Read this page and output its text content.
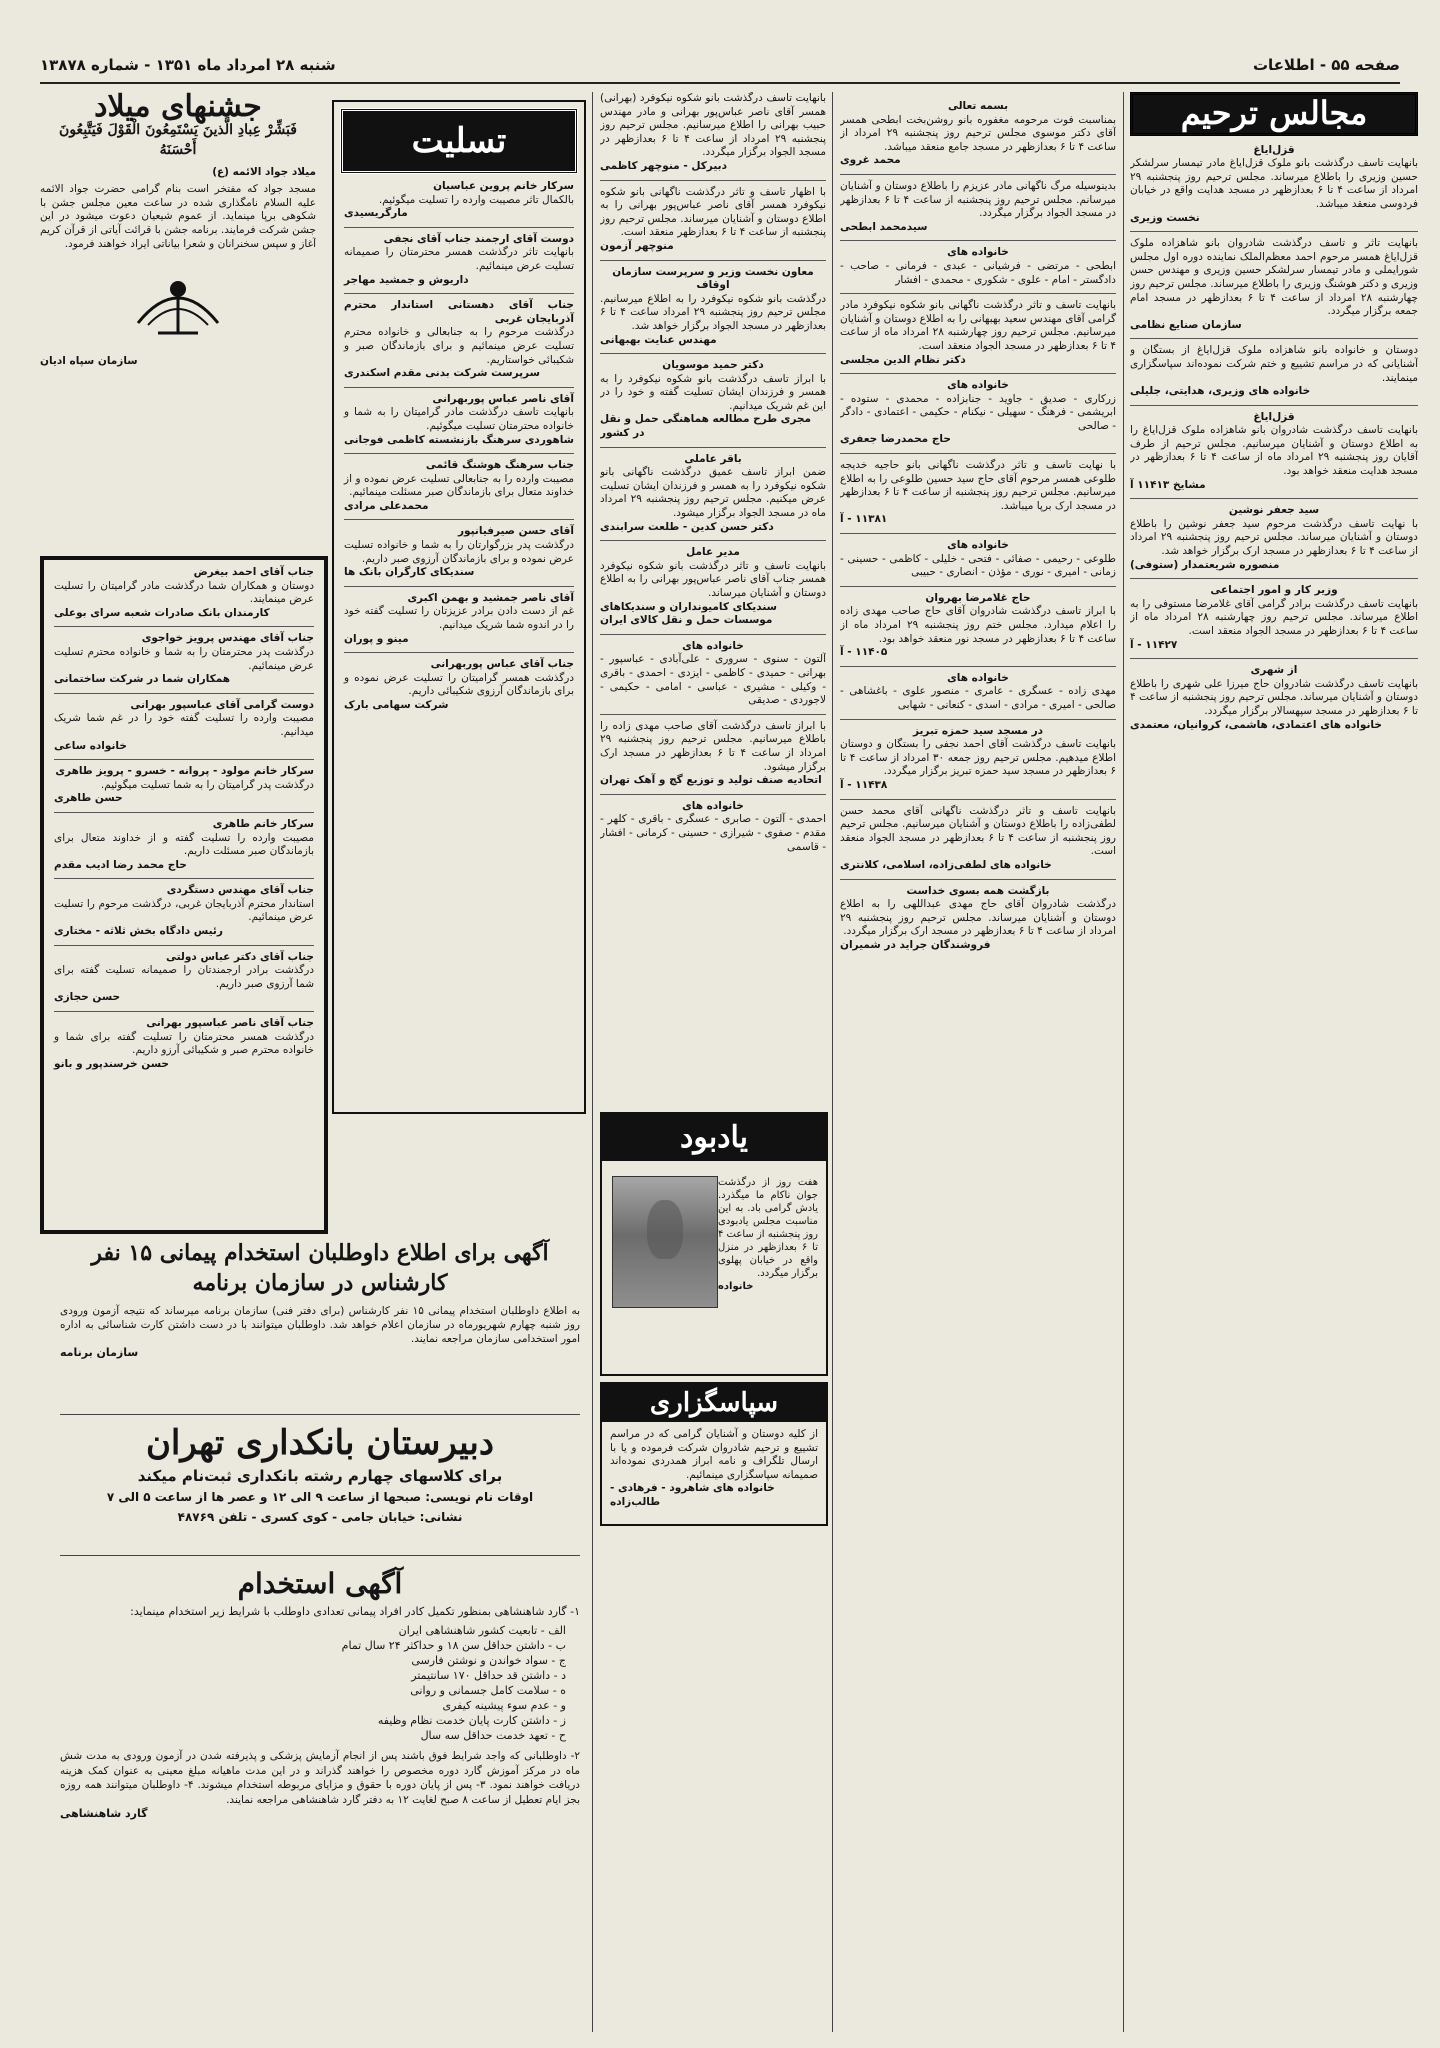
صفحه ۵۵ - اطلاعات
شنبه ۲۸ امرداد ماه ۱۳۵۱ - شماره ۱۳۸۷۸
مجالس ترحیم
قزل‌ایاغ
بانهایت تاسف درگذشت بانو ملوک قزل‌ایاغ مادر تیمسار سرلشکر حسین وزیری را باطلاع میرساند. مجلس ترحیم روز پنجشنبه ۲۹ امرداد از ساعت ۴ تا ۶ بعدازظهر در مسجد هدایت واقع در خیابان فردوسی منعقد میباشد.
نخست وزیری
بانهایت تاثر و تاسف درگذشت شادروان بانو شاهزاده ملوک قزل‌ایاغ همسر مرحوم احمد معظم‌الملک نماینده دوره اول مجلس شورایملی و مادر تیمسار سرلشکر حسین وزیری و مهندس حسن وزیری و دکتر هوشنگ وزیری را باطلاع میرساند. مجلس ترحیم روز چهارشنبه ۲۸ امرداد از ساعت ۴ تا ۶ بعدازظهر در مسجد امام جمعه برگزار میگردد.
سازمان صنایع نظامی
دوستان و خانواده بانو شاهزاده ملوک قزل‌ایاغ از بستگان و آشنایانی که در مراسم تشییع و ختم شرکت نموده‌اند سپاسگزاری مینمایند.
خانواده های وزیری، هدایتی، جلیلی
قزل‌ایاغ
بانهایت تاسف درگذشت شادروان بانو شاهزاده ملوک قزل‌ایاغ را به اطلاع دوستان و آشنایان میرسانیم. مجلس ترحیم از طرف آقایان روز پنجشنبه ۲۹ امرداد ماه از ساعت ۴ تا ۶ بعدازظهر در مسجد هدایت منعقد خواهد بود.
مشایخ ۱۱۴۱۳ آ
سید جعفر نوشین
با نهایت تاسف درگذشت مرحوم سید جعفر نوشین را باطلاع دوستان و آشنایان میرساند. مجلس ترحیم روز پنجشنبه ۲۹ امرداد از ساعت ۴ تا ۶ بعدازظهر در مسجد ارک برگزار خواهد شد.
منصوره شریعتمدار (ستوفی)
وزیر کار و امور اجتماعی
بانهایت تاسف درگذشت برادر گرامی آقای غلامرضا مستوفی را به اطلاع میرساند. مجلس ترحیم روز چهارشنبه ۲۸ امرداد ماه از ساعت ۴ تا ۶ بعدازظهر در مسجد الجواد منعقد است.
۱۱۴۲۷ - آ
از شهری
بانهایت تاسف درگذشت شادروان حاج میرزا علی شهری را باطلاع دوستان و آشنایان میرساند. مجلس ترحیم روز پنجشنبه از ساعت ۴ تا ۶ بعدازظهر در مسجد سپهسالار برگزار میگردد.
خانواده های اعتمادی، هاشمی، کروانیان، معتمدی
بسمه تعالی
بمناسبت فوت مرحومه مغفوره بانو روشن‌بخت ابطحی همسر آقای دکتر موسوی مجلس ترحیم روز پنجشنبه ۲۹ امرداد از ساعت ۴ تا ۶ بعدازظهر در مسجد جامع منعقد میباشد.
محمد غروی
بدینوسیله مرگ ناگهانی مادر عزیزم را باطلاع دوستان و آشنایان میرسانم. مجلس ترحیم روز پنجشنبه از ساعت ۴ تا ۶ بعدازظهر در مسجد الجواد برگزار میگردد.
سیدمحمد ابطحی
خانواده های
ابطحی - مرتضی - فرشیانی - عبدی - فرمانی - صاحب - دادگستر - امام - علوی - شکوری - محمدی - افشار
بانهایت تاسف و تاثر درگذشت ناگهانی بانو شکوه نیکوفرد مادر گرامی آقای مهندس سعید بهبهانی را به اطلاع دوستان و آشنایان میرسانیم. مجلس ترحیم روز چهارشنبه ۲۸ امرداد ماه از ساعت ۴ تا ۶ بعدازظهر در مسجد الجواد منعقد است.
دکتر نظام الدین مجلسی
خانواده های
زرکاری - صدیق - جاوید - جنابزاده - محمدی - ستوده - ابریشمی - فرهنگ - سهیلی - نیکنام - حکیمی - اعتمادی - دادگر - صالحی
حاج محمدرضا جعفری
با نهایت تاسف و تاثر درگذشت ناگهانی بانو حاجیه خدیجه طلوعی همسر مرحوم آقای حاج سید حسین طلوعی را به اطلاع میرسانیم. مجلس ترحیم روز پنجشنبه از ساعت ۴ تا ۶ بعدازظهر در مسجد ارک برپا میباشد.
۱۱۳۸۱ - آ
خانواده های
طلوعی - رحیمی - صفائی - فتحی - خلیلی - کاظمی - حسینی - زمانی - امیری - نوری - مؤذن - انصاری - حبیبی
حاج غلامرضا بهروان
با ابراز تاسف درگذشت شادروان آقای حاج صاحب مهدی زاده را اعلام میدارد. مجلس ختم روز پنجشنبه ۲۹ امرداد ماه از ساعت ۴ تا ۶ بعدازظهر در مسجد نور منعقد خواهد بود.
۱۱۴۰۵ - آ
خانواده های
مهدی زاده - عسگری - عامری - منصور علوی - باغشاهی - صالحی - امیری - مرادی - اسدی - کنعانی - شهابی
در مسجد سید حمزه تبریز
بانهایت تاسف درگذشت آقای احمد نجفی را بستگان و دوستان اطلاع میدهیم. مجلس ترحیم روز جمعه ۳۰ امرداد از ساعت ۴ تا ۶ بعدازظهر در مسجد سید حمزه تبریز برگزار میگردد.
۱۱۴۳۸ - آ
بانهایت تاسف و تاثر درگذشت ناگهانی آقای محمد حسن لطفی‌زاده را باطلاع دوستان و آشنایان میرسانیم. مجلس ترحیم روز پنجشنبه از ساعت ۴ تا ۶ بعدازظهر در مسجد الجواد منعقد است.
خانواده های لطفی‌زاده، اسلامی، کلانتری
بازگشت همه بسوی خداست
درگذشت شادروان آقای حاج مهدی عبداللهی را به اطلاع دوستان و آشنایان میرساند. مجلس ترحیم روز پنجشنبه ۲۹ امرداد از ساعت ۴ تا ۶ بعدازظهر در مسجد ارک برگزار میگردد.
فروشندگان جراید در شمیران
بانهایت تاسف درگذشت بانو شکوه نیکوفرد (بهرانی) همسر آقای ناصر عباس‌پور بهرانی و مادر مهندس حبیب بهرانی را اطلاع میرسانیم. مجلس ترحیم روز پنجشنبه ۲۹ امرداد از ساعت ۴ تا ۶ بعدازظهر در مسجد الجواد برگزار میگردد.
دبیرکل - منوچهر کاظمی
با اظهار تاسف و تاثر درگذشت ناگهانی بانو شکوه نیکوفرد همسر آقای ناصر عباس‌پور بهرانی را به اطلاع دوستان و آشنایان میرساند. مجلس ترحیم روز پنجشنبه از ساعت ۴ تا ۶ بعدازظهر منعقد است.
منوچهر آزمون
معاون نخست وزیر و سرپرست سازمان اوقاف
درگذشت بانو شکوه نیکوفرد را به اطلاع میرسانیم. مجلس ترحیم روز پنجشنبه ۲۹ امرداد ساعت ۴ تا ۶ بعدازظهر در مسجد الجواد برگزار خواهد شد.
مهندس عنایت بهبهانی
دکتر حمید موسویان
با ابراز تاسف درگذشت بانو شکوه نیکوفرد را به همسر و فرزندان ایشان تسلیت گفته و خود را در این غم شریک میدانیم.
مجری طرح مطالعه هماهنگی حمل و نقل در کشور
باقر عاملی
ضمن ابراز تاسف عمیق درگذشت ناگهانی بانو شکوه نیکوفرد را به همسر و فرزندان ایشان تسلیت عرض میکنیم. مجلس ترحیم روز پنجشنبه ۲۹ امرداد ماه در مسجد الجواد برگزار میشود.
دکتر حسن کدین - طلعت سرابندی
مدیر عامل
بانهایت تاسف و تاثر درگذشت بانو شکوه نیکوفرد همسر جناب آقای ناصر عباس‌پور بهرانی را به اطلاع دوستان و آشنایان میرساند.
سندیکای کامیونداران و سندیکاهای موسسات حمل و نقل کالای ایران
خانواده های
آلتون - سنوی - سروری - علی‌آبادی - عباسپور - بهرانی - حمیدی - کاظمی - ایزدی - احمدی - باقری - وکیلی - مشیری - عباسی - امامی - حکیمی - لاجوردی - صدیقی
با ابراز تاسف درگذشت آقای صاحب مهدی زاده را باطلاع میرسانیم. مجلس ترحیم روز پنجشنبه ۲۹ امرداد از ساعت ۴ تا ۶ بعدازظهر در مسجد ارک برگزار میشود.
اتحادیه صنف تولید و توزیع گچ و آهک تهران
خانواده های
احمدی - آلتون - صابری - عسگری - باقری - کلهر - مقدم - صفوی - شیرازی - حسینی - کرمانی - افشار - قاسمی
یادبود
هفت روز از درگذشت جوان ناکام ما میگذرد. یادش گرامی باد. به این مناسبت مجلس یادبودی روز پنجشنبه از ساعت ۴ تا ۶ بعدازظهر در منزل واقع در خیابان پهلوی برگزار میگردد.
خانواده
سپاسگزاری
از کلیه دوستان و آشنایان گرامی که در مراسم تشییع و ترحیم شادروان شرکت فرموده و یا با ارسال تلگراف و نامه ابراز همدردی نموده‌اند صمیمانه سپاسگزاری مینمائیم.
خانواده های شاهرود - فرهادی - طالب‌زاده
تسلیت
سرکار خانم پروین عباسیان
بالکمال تاثر مصیبت وارده را تسلیت میگوئیم.
مارگریسیدی
دوست آقای ارجمند جناب آقای نجفی
بانهایت تاثر درگذشت همسر محترمتان را صمیمانه تسلیت عرض مینمائیم.
داریوش و جمشید مهاجر
جناب آقای دهستانی استاندار محترم آذربایجان غربی
درگذشت مرحوم را به جنابعالی و خانواده محترم تسلیت عرض مینمائیم و برای بازماندگان صبر و شکیبائی خواستاریم.
سرپرست شرکت بدنی مقدم اسکندری
آقای ناصر عباس پوربهرانی
بانهایت تاسف درگذشت مادر گرامیتان را به شما و خانواده محترمتان تسلیت میگوئیم.
شاهوردی سرهنگ بازنشسته کاظمی فوجانی
جناب سرهنگ هوشنگ قائمی
مصیبت وارده را به جنابعالی تسلیت عرض نموده و از خداوند متعال برای بازماندگان صبر مسئلت مینمائیم.
محمدعلی مرادی
آقای حسن صیرفیانپور
درگذشت پدر بزرگوارتان را به شما و خانواده تسلیت عرض نموده و برای بازماندگان آرزوی صبر داریم.
سندیکای کارگران بانک ها
آقای ناصر جمشید و بهمن اکبری
غم از دست دادن برادر عزیزتان را تسلیت گفته خود را در اندوه شما شریک میدانیم.
مینو و پوران
جناب آقای عباس پوربهرانی
درگذشت همسر گرامیتان را تسلیت عرض نموده و برای بازماندگان آرزوی شکیبائی داریم.
شرکت سهامی بارک
جشنهای میلاد
فَبَشِّرْ عِبادِ الَّذینَ یَسْتَمِعُونَ الْقَوْلَ فَیَتَّبِعُونَ أَحْسَنَهُ
میلاد جواد الائمه (ع)
مسجد جواد که مفتخر است بنام گرامی حضرت جواد الائمه علیه السلام نامگذاری شده در ساعت معین مجلس جشن با شکوهی برپا مینماید. از عموم شیعیان دعوت میشود در این جشن شرکت فرمایند. برنامه جشن با قرائت آیاتی از قرآن کریم آغاز و سپس سخنرانان و شعرا بیاناتی ایراد خواهند فرمود.
سازمان سپاه ادیان
جناب آقای احمد بیغرض
دوستان و همکاران شما درگذشت مادر گرامیتان را تسلیت عرض مینمایند.
کارمندان بانک صادرات شعبه سرای بوعلی
جناب آقای مهندس پرویز خواجوی
درگذشت پدر محترمتان را به شما و خانواده محترم تسلیت عرض مینمائیم.
همکاران شما در شرکت ساختمانی
دوست گرامی آقای عباسپور بهرانی
مصیبت وارده را تسلیت گفته خود را در غم شما شریک میدانیم.
خانواده ساعی
سرکار خانم مولود - پروانه - خسرو - پرویز طاهری
درگذشت پدر گرامیتان را به شما تسلیت میگوئیم.
حسن طاهری
سرکار خانم طاهری
مصیبت وارده را تسلیت گفته و از خداوند متعال برای بازماندگان صبر مسئلت داریم.
حاج محمد رضا ادیب مقدم
جناب آقای مهندس دستگردی
استاندار محترم آذربایجان غربی، درگذشت مرحوم را تسلیت عرض مینمائیم.
رئیس دادگاه بخش ثلاثه - مختاری
جناب آقای دکتر عباس دولتی
درگذشت برادر ارجمندتان را صمیمانه تسلیت گفته برای شما آرزوی صبر داریم.
حسن حجازی
جناب آقای ناصر عباسپور بهرانی
درگذشت همسر محترمتان را تسلیت گفته برای شما و خانواده محترم صبر و شکیبائی آرزو داریم.
حسن خرسندپور و بانو
آگهی برای اطلاع داوطلبان استخدام پیمانی ۱۵ نفر کارشناس در سازمان برنامه
به اطلاع داوطلبان استخدام پیمانی ۱۵ نفر کارشناس (برای دفتر فنی) سازمان برنامه میرساند که نتیجه آزمون ورودی روز شنبه چهارم شهریورماه در سازمان اعلام خواهد شد. داوطلبان میتوانند با در دست داشتن کارت شناسائی به اداره امور استخدامی سازمان مراجعه نمایند.
سازمان برنامه
دبیرستان بانکداری تهران
برای کلاسهای چهارم رشته بانکداری ثبت‌نام میکند
اوقات نام نویسی: صبحها از ساعت ۹ الی ۱۲ و عصر ها از ساعت ۵ الی ۷
نشانی: خیابان جامی - کوی کسری - تلفن ۴۸۷۶۹
آگهی استخدام
۱- گارد شاهنشاهی بمنظور تکمیل کادر افراد پیمانی تعدادی داوطلب با شرایط زیر استخدام مینماید:
الف - تابعیت کشور شاهنشاهی ایران
ب - داشتن حداقل سن ۱۸ و حداکثر ۲۴ سال تمام
ج - سواد خواندن و نوشتن فارسی
د - داشتن قد حداقل ۱۷۰ سانتیمتر
ه - سلامت کامل جسمانی و روانی
و - عدم سوء پیشینه کیفری
ز - داشتن کارت پایان خدمت نظام وظیفه
ح - تعهد خدمت حداقل سه سال
۲- داوطلبانی که واجد شرایط فوق باشند پس از انجام آزمایش پزشکی و پذیرفته شدن در آزمون ورودی به مدت شش ماه در مرکز آموزش گارد دوره مخصوص را خواهند گذراند و در این مدت ماهیانه مبلغ معینی به عنوان کمک هزینه دریافت خواهند نمود. ۳- پس از پایان دوره با حقوق و مزایای مربوطه استخدام میشوند. ۴- داوطلبان میتوانند همه روزه بجز ایام تعطیل از ساعت ۸ صبح لغایت ۱۲ به دفتر گارد شاهنشاهی مراجعه نمایند.
گارد شاهنشاهی
